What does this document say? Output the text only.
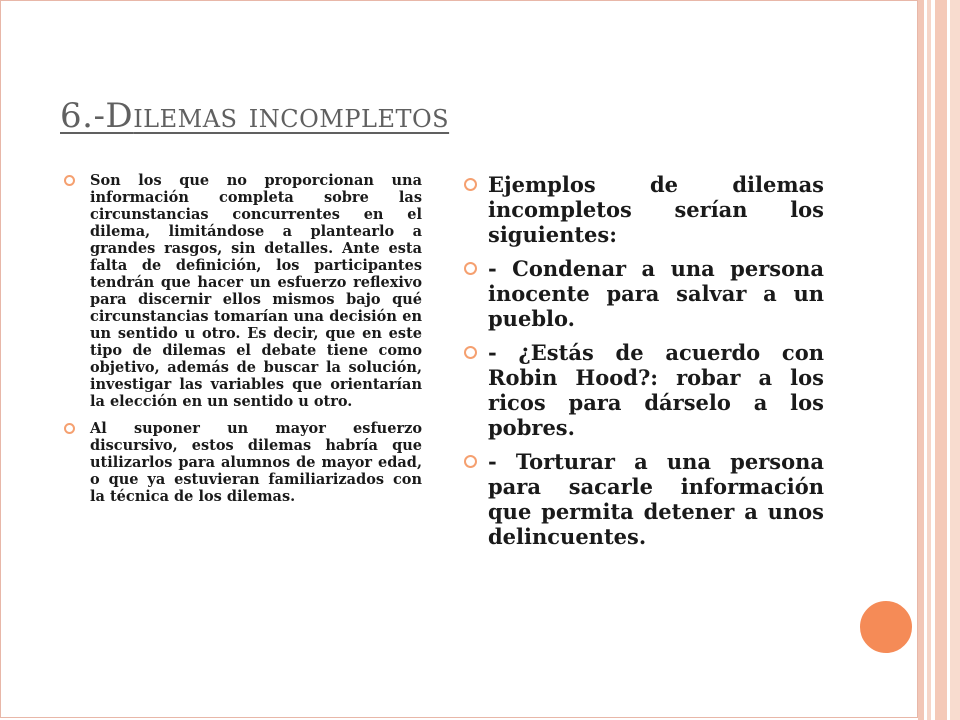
6.-Dilemas incompletos
Son los que no proporcionan una información completa sobre las circunstancias concurrentes en el dilema, limitándose a plantearlo a grandes rasgos, sin detalles. Ante esta falta de definición, los participantes tendrán que hacer un esfuerzo reflexivo para discernir ellos mismos bajo qué circunstancias tomarían una decisión en un sentido u otro. Es decir, que en este tipo de dilemas el debate tiene como objetivo, además de buscar la solución, investigar las variables que orientarían la elección en un sentido u otro.
Al suponer un mayor esfuerzo discursivo, estos dilemas habría que utilizarlos para alumnos de mayor edad, o que ya estuvieran familiarizados con la técnica de los dilemas.
Ejemplos de dilemas incompletos serían los siguientes:
- Condenar a una persona inocente para salvar a un pueblo.
- ¿Estás de acuerdo con Robin Hood?: robar a los ricos para dárselo a los pobres.
- Torturar a una persona para sacarle información que permita detener a unos delincuentes.
